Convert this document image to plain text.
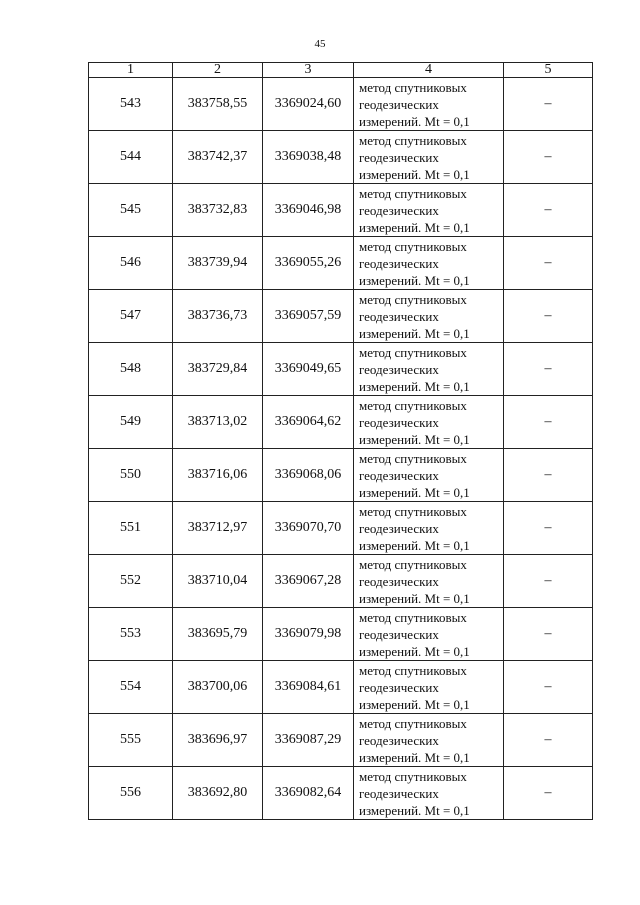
45
1	2	3	4	5
543	383758,55	3369024,60	метод спутниковых
геодезических
измерений. Mt = 0,1	–
544	383742,37	3369038,48	метод спутниковых
геодезических
измерений. Mt = 0,1	–
545	383732,83	3369046,98	метод спутниковых
геодезических
измерений. Mt = 0,1	–
546	383739,94	3369055,26	метод спутниковых
геодезических
измерений. Mt = 0,1	–
547	383736,73	3369057,59	метод спутниковых
геодезических
измерений. Mt = 0,1	–
548	383729,84	3369049,65	метод спутниковых
геодезических
измерений. Mt = 0,1	–
549	383713,02	3369064,62	метод спутниковых
геодезических
измерений. Mt = 0,1	–
550	383716,06	3369068,06	метод спутниковых
геодезических
измерений. Mt = 0,1	–
551	383712,97	3369070,70	метод спутниковых
геодезических
измерений. Mt = 0,1	–
552	383710,04	3369067,28	метод спутниковых
геодезических
измерений. Mt = 0,1	–
553	383695,79	3369079,98	метод спутниковых
геодезических
измерений. Mt = 0,1	–
554	383700,06	3369084,61	метод спутниковых
геодезических
измерений. Mt = 0,1	–
555	383696,97	3369087,29	метод спутниковых
геодезических
измерений. Mt = 0,1	–
556	383692,80	3369082,64	метод спутниковых
геодезических
измерений. Mt = 0,1	–
